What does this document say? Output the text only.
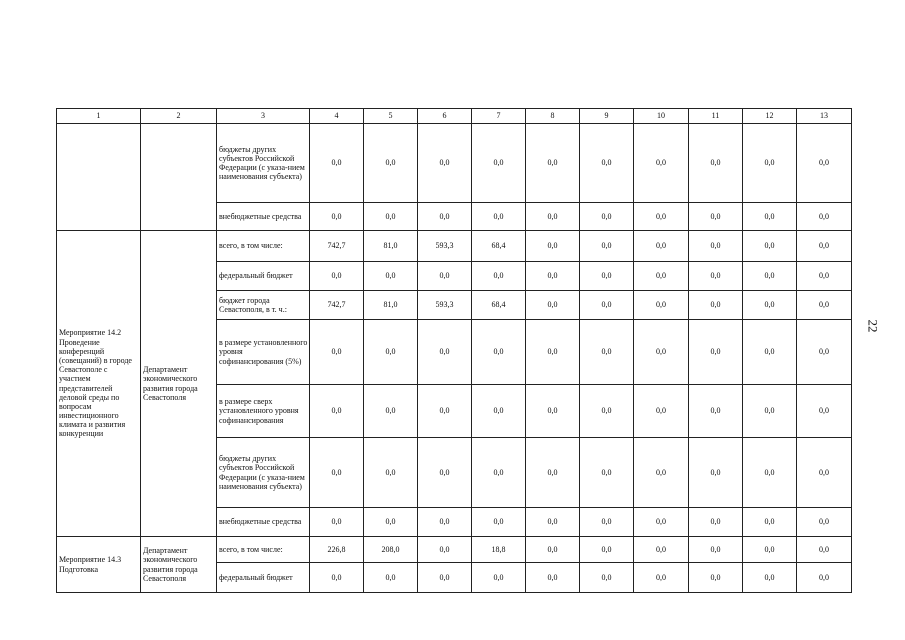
1	2	3	4	5	6	7	8	9	10	11	12	13
		бюджеты других субъектов Российской Федерации (с указа-нием наименования субъекта)	0,0	0,0	0,0	0,0	0,0	0,0	0,0	0,0	0,0	0,0
		внебюджетные средства	0,0	0,0	0,0	0,0	0,0	0,0	0,0	0,0	0,0	0,0
Мероприятие 14.2 Проведение конференций (совещаний) в городе Севастополе с участием представителей деловой среды по вопросам инвестиционного климата и развития конкуренции	Департамент экономического развития города Севастополя	всего, в том числе:	742,7	81,0	593,3	68,4	0,0	0,0	0,0	0,0	0,0	0,0
		федеральный бюджет	0,0	0,0	0,0	0,0	0,0	0,0	0,0	0,0	0,0	0,0
		бюджет города Севастополя, в т. ч.:	742,7	81,0	593,3	68,4	0,0	0,0	0,0	0,0	0,0	0,0
		в размере установленного уровня софинансирования (5%)	0,0	0,0	0,0	0,0	0,0	0,0	0,0	0,0	0,0	0,0
		в размере сверх установленного уровня софинансирования	0,0	0,0	0,0	0,0	0,0	0,0	0,0	0,0	0,0	0,0
		бюджеты других субъектов Российской Федерации (с указа-нием наименования субъекта)	0,0	0,0	0,0	0,0	0,0	0,0	0,0	0,0	0,0	0,0
		внебюджетные средства	0,0	0,0	0,0	0,0	0,0	0,0	0,0	0,0	0,0	0,0
Мероприятие 14.3 Подготовка	Департамент экономического развития города Севастополя	всего, в том числе:	226,8	208,0	0,0	18,8	0,0	0,0	0,0	0,0	0,0	0,0
		федеральный бюджет	0,0	0,0	0,0	0,0	0,0	0,0	0,0	0,0	0,0	0,0
22
